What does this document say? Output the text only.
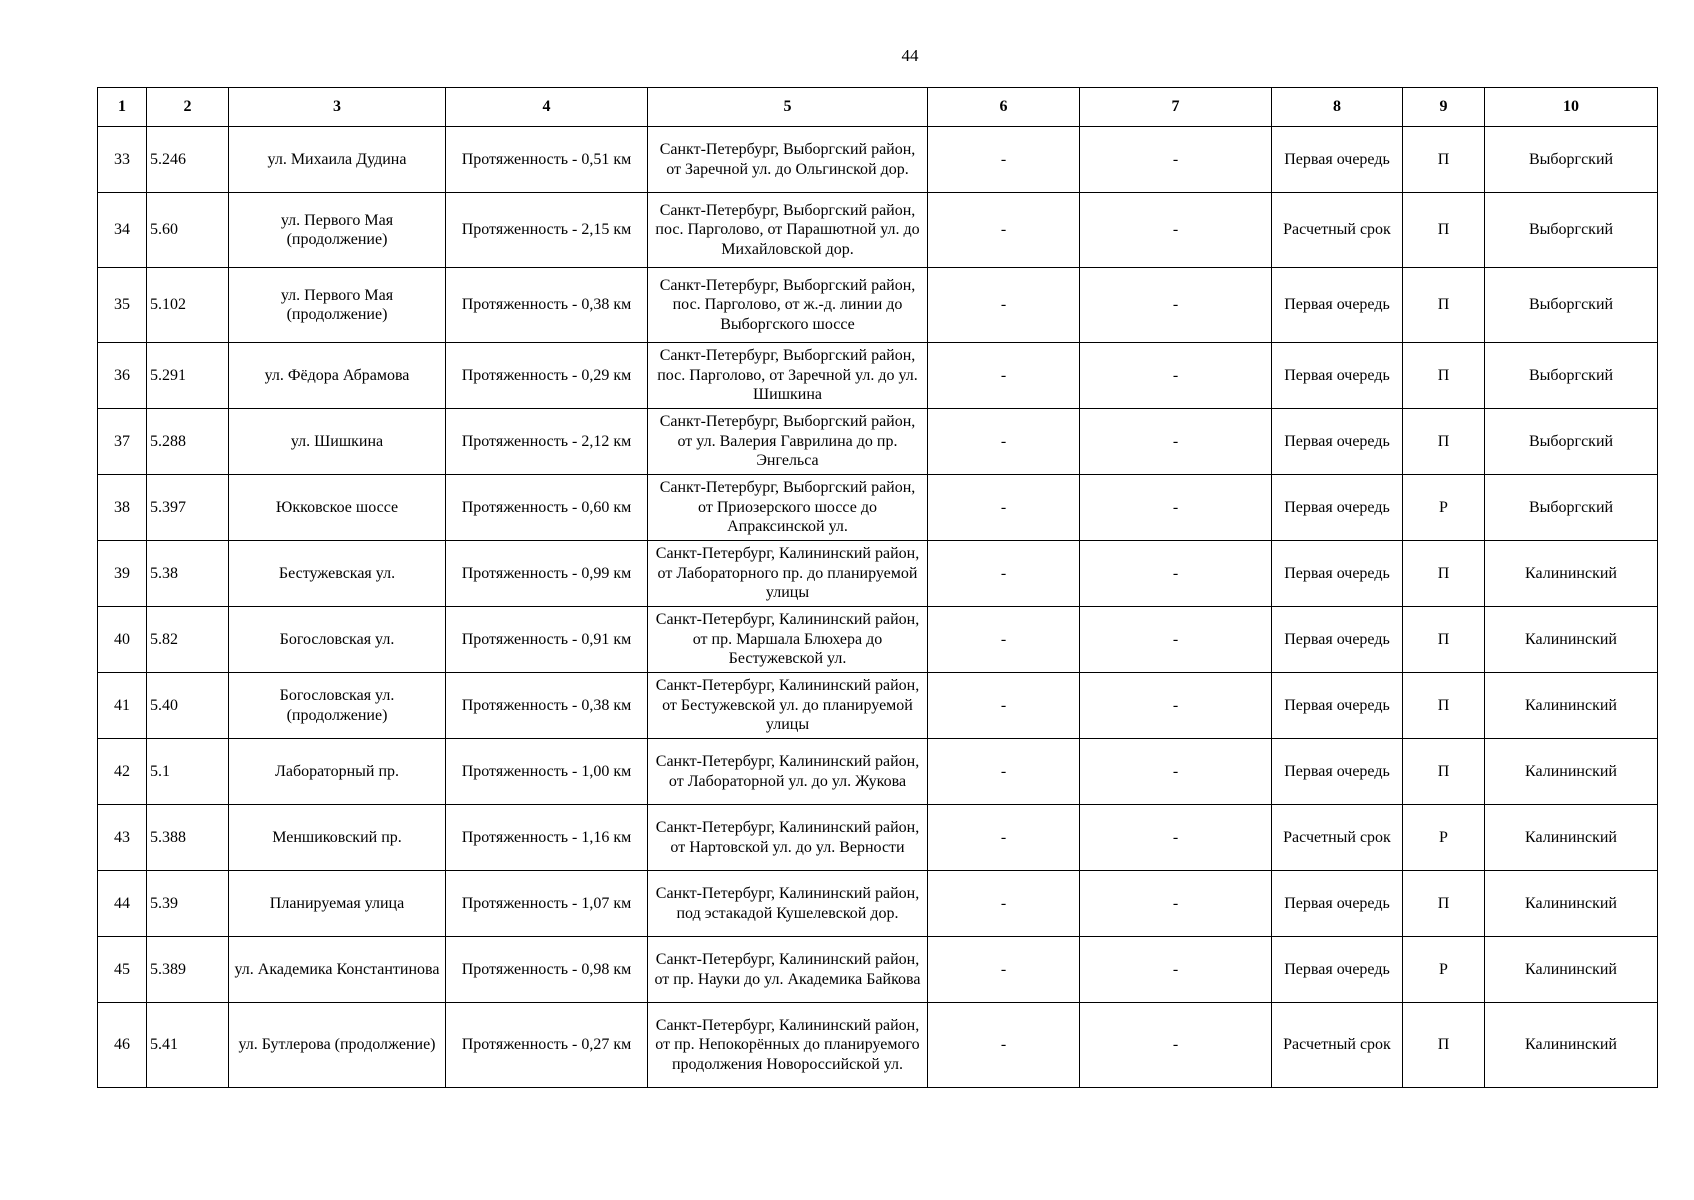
44
1	2	3	4	5	6	7	8	9	10
33	5.246	ул. Михаила Дудина	Протяженность - 0,51 км	Санкт-Петербург, Выборгский район, от Заречной ул. до Ольгинской дор.	-	-	Первая очередь	П	Выборгский
34	5.60	ул. Первого Мая (продолжение)	Протяженность - 2,15 км	Санкт-Петербург, Выборгский район, пос. Парголово, от Парашютной ул. до Михайловской дор.	-	-	Расчетный срок	П	Выборгский
35	5.102	ул. Первого Мая (продолжение)	Протяженность - 0,38 км	Санкт-Петербург, Выборгский район, пос. Парголово, от ж.-д. линии до Выборгского шоссе	-	-	Первая очередь	П	Выборгский
36	5.291	ул. Фёдора Абрамова	Протяженность - 0,29 км	Санкт-Петербург, Выборгский район, пос. Парголово, от Заречной ул. до ул. Шишкина	-	-	Первая очередь	П	Выборгский
37	5.288	ул. Шишкина	Протяженность - 2,12 км	Санкт-Петербург, Выборгский район, от ул. Валерия Гаврилина до пр. Энгельса	-	-	Первая очередь	П	Выборгский
38	5.397	Юкковское шоссе	Протяженность - 0,60 км	Санкт-Петербург, Выборгский район, от Приозерского шоссе до Апраксинской ул.	-	-	Первая очередь	Р	Выборгский
39	5.38	Бестужевская ул.	Протяженность - 0,99 км	Санкт-Петербург, Калининский район, от Лабораторного пр. до планируемой улицы	-	-	Первая очередь	П	Калининский
40	5.82	Богословская ул.	Протяженность - 0,91 км	Санкт-Петербург, Калининский район, от пр. Маршала Блюхера до Бестужевской ул.	-	-	Первая очередь	П	Калининский
41	5.40	Богословская ул. (продолжение)	Протяженность - 0,38 км	Санкт-Петербург, Калининский район, от Бестужевской ул. до планируемой улицы	-	-	Первая очередь	П	Калининский
42	5.1	Лабораторный пр.	Протяженность - 1,00 км	Санкт-Петербург, Калининский район, от Лабораторной ул. до ул. Жукова	-	-	Первая очередь	П	Калининский
43	5.388	Меншиковский пр.	Протяженность - 1,16 км	Санкт-Петербург, Калининский район, от Нартовской ул. до ул. Верности	-	-	Расчетный срок	Р	Калининский
44	5.39	Планируемая улица	Протяженность - 1,07 км	Санкт-Петербург, Калининский район, под эстакадой Кушелевской дор.	-	-	Первая очередь	П	Калининский
45	5.389	ул. Академика Константинова	Протяженность - 0,98 км	Санкт-Петербург, Калининский район, от пр. Науки до ул. Академика Байкова	-	-	Первая очередь	Р	Калининский
46	5.41	ул. Бутлерова (продолжение)	Протяженность - 0,27 км	Санкт-Петербург, Калининский район, от пр. Непокорённых до планируемого продолжения Новороссийской ул.	-	-	Расчетный срок	П	Калининский
